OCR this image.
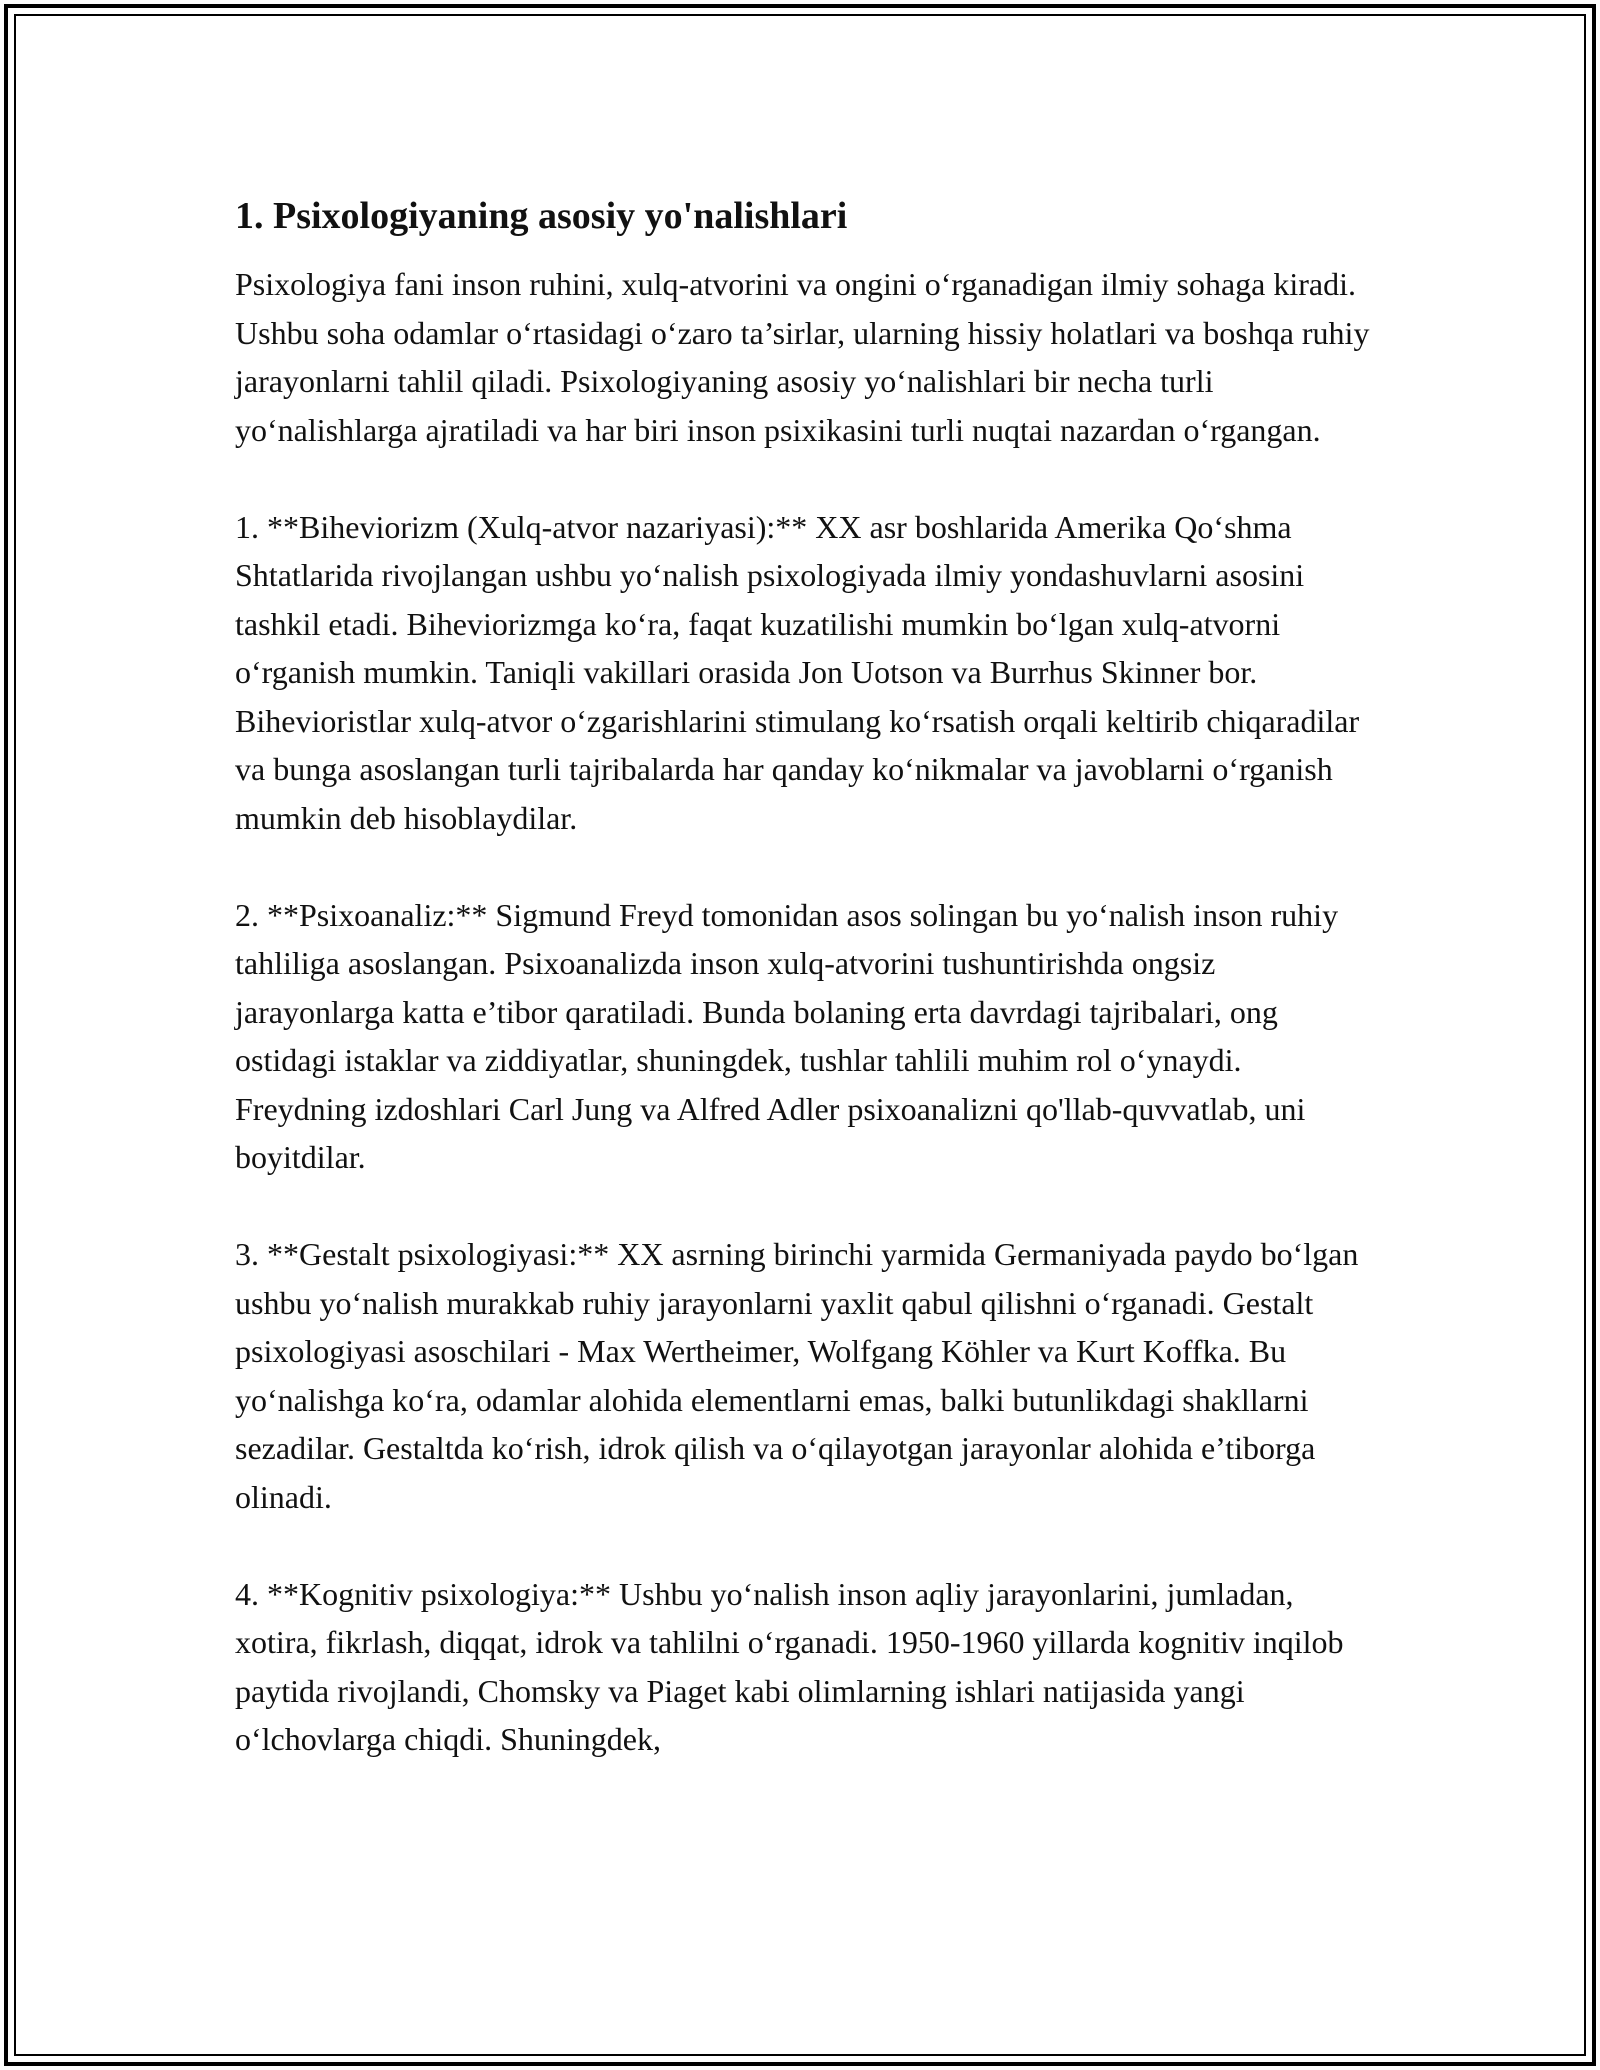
1. Psixologiyaning asosiy yo'nalishlari

Psixologiya fani inson ruhini, xulq-atvorini va ongini o‘rganadigan ilmiy sohaga kiradi. Ushbu soha odamlar o‘rtasidagi o‘zaro ta’sirlar, ularning hissiy holatlari va boshqa ruhiy jarayonlarni tahlil qiladi. Psixologiyaning asosiy yo‘nalishlari bir necha turli yo‘nalishlarga ajratiladi va har biri inson psixikasini turli nuqtai nazardan o‘rgangan.

1. **Biheviorizm (Xulq-atvor nazariyasi):** XX asr boshlarida Amerika Qo‘shma Shtatlarida rivojlangan ushbu yo‘nalish psixologiyada ilmiy yondashuvlarni asosini tashkil etadi. Biheviorizmga ko‘ra, faqat kuzatilishi mumkin bo‘lgan xulq-atvorni o‘rganish mumkin. Taniqli vakillari orasida Jon Uotson va Burrhus Skinner bor. Bihevioristlar xulq-atvor o‘zgarishlarini stimulang ko‘rsatish orqali keltirib chiqaradilar va bunga asoslangan turli tajribalarda har qanday ko‘nikmalar va javoblarni o‘rganish mumkin deb hisoblaydilar.

2. **Psixoanaliz:** Sigmund Freyd tomonidan asos solingan bu yo‘nalish inson ruhiy tahliliga asoslangan. Psixoanalizda inson xulq-atvorini tushuntirishda ongsiz jarayonlarga katta e’tibor qaratiladi. Bunda bolaning erta davrdagi tajribalari, ong ostidagi istaklar va ziddiyatlar, shuningdek, tushlar tahlili muhim rol o‘ynaydi. Freydning izdoshlari Carl Jung va Alfred Adler psixoanalizni qo'llab-quvvatlab, uni boyitdilar.

3. **Gestalt psixologiyasi:** XX asrning birinchi yarmida Germaniyada paydo bo‘lgan ushbu yo‘nalish murakkab ruhiy jarayonlarni yaxlit qabul qilishni o‘rganadi. Gestalt psixologiyasi asoschilari - Max Wertheimer, Wolfgang Köhler va Kurt Koffka. Bu yo‘nalishga ko‘ra, odamlar alohida elementlarni emas, balki butunlikdagi shakllarni sezadilar. Gestaltda ko‘rish, idrok qilish va o‘qilayotgan jarayonlar alohida e’tiborga olinadi.

4. **Kognitiv psixologiya:** Ushbu yo‘nalish inson aqliy jarayonlarini, jumladan, xotira, fikrlash, diqqat, idrok va tahlilni o‘rganadi. 1950-1960 yillarda kognitiv inqilob paytida rivojlandi, Chomsky va Piaget kabi olimlarning ishlari natijasida yangi o‘lchovlarga chiqdi. Shuningdek,
